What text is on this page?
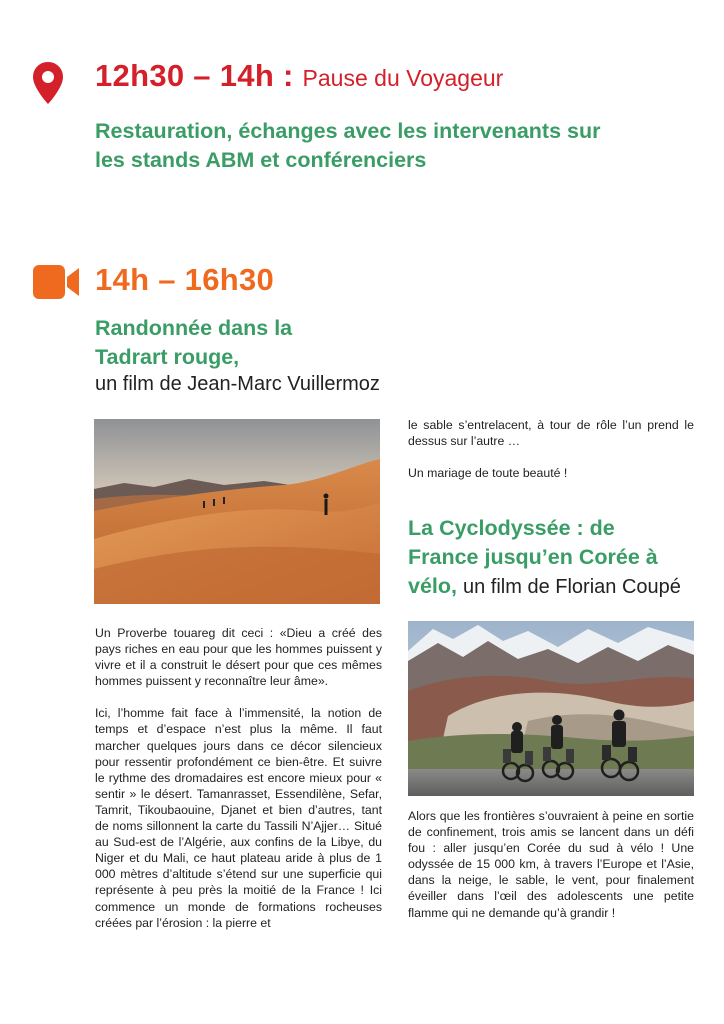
12h30 – 14h : Pause du Voyageur
Restauration, échanges avec les intervenants sur
les stands ABM et conférenciers
14h – 16h30
Randonnée dans la
Tadrart rouge,
un film de Jean-Marc Vuillermoz

Un Proverbe touareg dit ceci : «Dieu a créé des pays riches en eau pour que les hommes puissent y vivre et il a construit le désert pour que ces mêmes hommes puissent y reconnaître leur âme».

Ici, l’homme fait face à l’immensité, la notion de temps et d’espace n’est plus la même. Il faut marcher quelques jours dans ce décor silencieux pour ressentir profondément ce bien-être. Et suivre le rythme des dromadaires est encore mieux pour « sentir » le désert. Tamanrasset, Essendilène, Sefar, Tamrit, Tikoubaouine, Djanet et bien d’autres, tant de noms sillonnent la carte du Tassili N’Ajjer… Situé au Sud-est de l’Algérie, aux confins de la Libye, du Niger et du Mali, ce haut plateau aride à plus de 1 000 mètres d’altitude s’étend sur une superficie qui représente à peu près la moitié de la France ! Ici commence un monde de formations rocheuses créées par l’érosion : la pierre et

le sable s’entrelacent, à tour de rôle l’un prend le dessus sur l’autre …

Un mariage de toute beauté !

La Cyclodyssée : de
France jusqu’en Corée à
vélo, un film de Florian Coupé

Alors que les frontières s’ouvraient à peine en sortie de confinement, trois amis se lancent dans un défi fou : aller jusqu’en Corée du sud à vélo ! Une odyssée de 15 000 km, à travers l’Europe et l’Asie, dans la neige, le sable, le vent, pour finalement éveiller dans l’œil des adolescents une petite flamme qui ne demande qu’à grandir !
